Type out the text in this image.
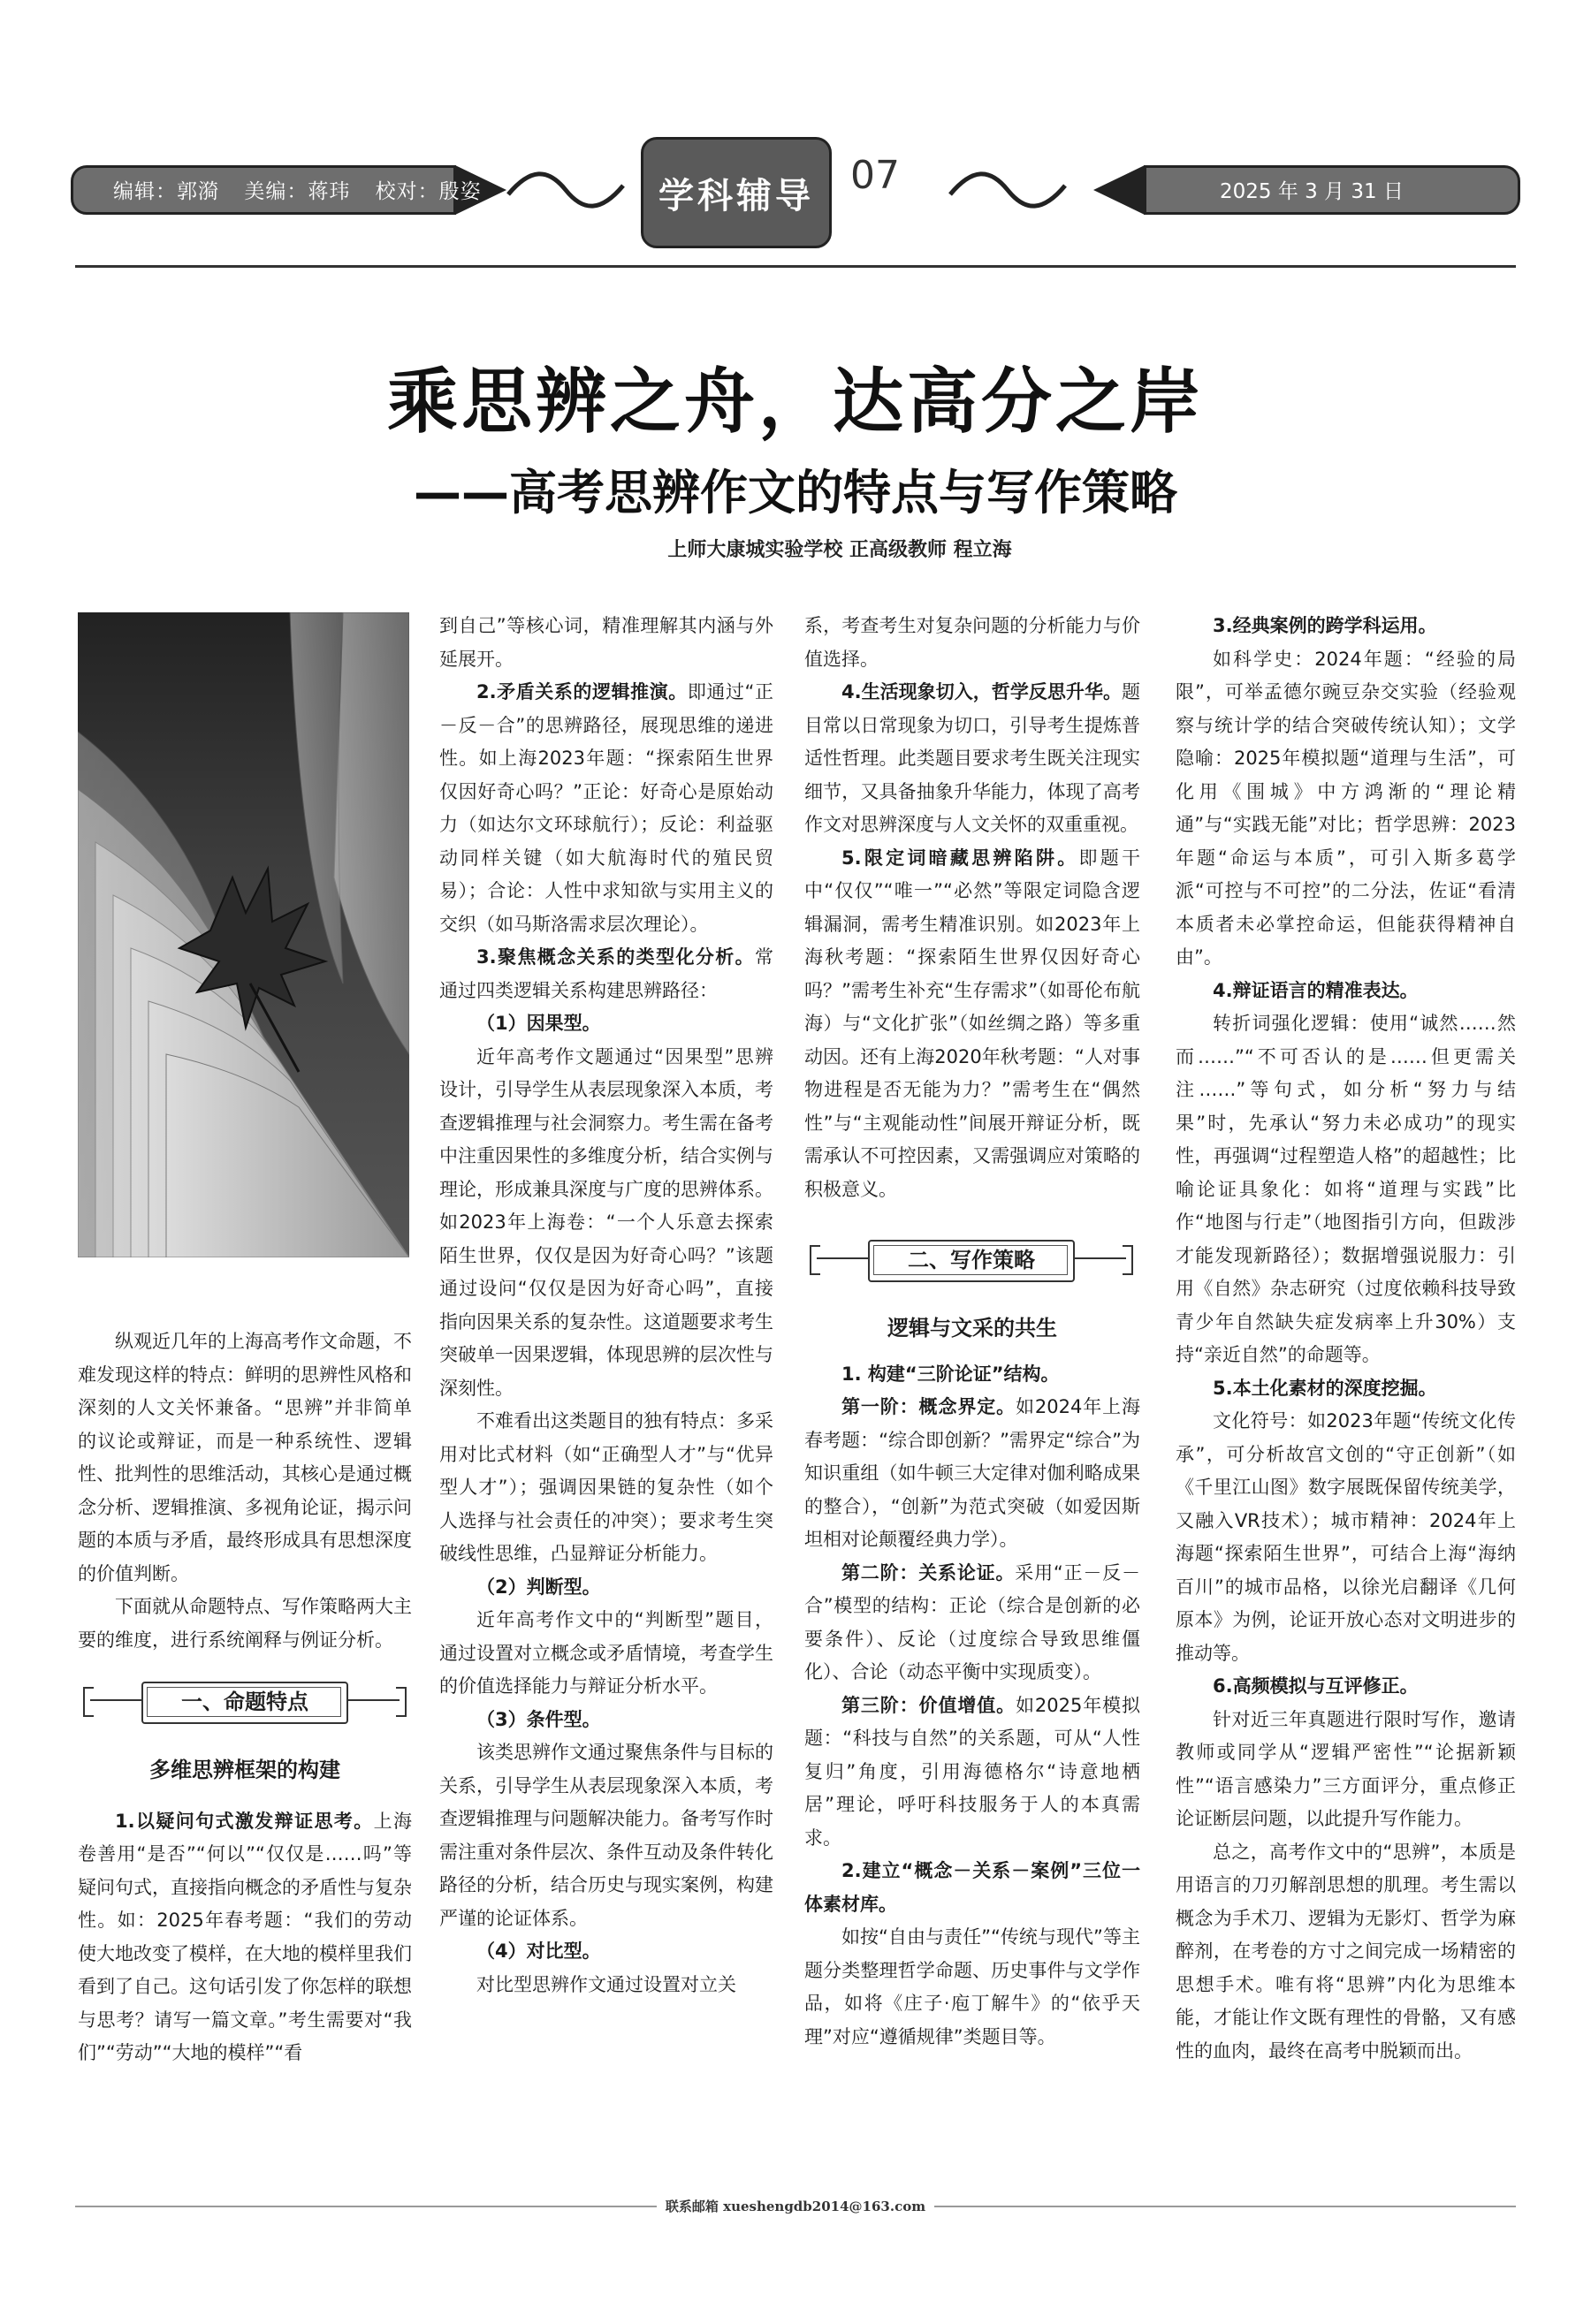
编辑：郭漪 美编：蒋玮 校对：殷姿	学科辅导 07	2025 年 3 月 31 日
乘思辨之舟，达高分之岸
——高考思辨作文的特点与写作策略
上师大康城实验学校 正高级教师 程立海

纵观近几年的上海高考作文命题，不难发现这样的特点：鲜明的思辨性风格和深刻的人文关怀兼备。“思辨”并非简单的议论或辩证，而是一种系统性、逻辑性、批判性的思维活动，其核心是通过概念分析、逻辑推演、多视角论证，揭示问题的本质与矛盾，最终形成具有思想深度的价值判断。

下面就从命题特点、写作策略两大主要的维度，进行系统阐释与例证分析。

一、命题特点

多维思辨框架的构建

1.以疑问句式激发辩证思考。上海卷善用“是否”“何以”“仅仅是……吗”等疑问句式，直接指向概念的矛盾性与复杂性。如：2025年春考题：“我们的劳动使大地改变了模样，在大地的模样里我们看到了自己。这句话引发了你怎样的联想与思考？请写一篇文章。”考生需要对“我们”“劳动”“大地的模样”“看

到自己”等核心词，精准理解其内涵与外延展开。

2.矛盾关系的逻辑推演。即通过“正－反－合”的思辨路径，展现思维的递进性。如上海2023年题：“探索陌生世界仅因好奇心吗？”正论：好奇心是原始动力（如达尔文环球航行）；反论：利益驱动同样关键（如大航海时代的殖民贸易）；合论：人性中求知欲与实用主义的交织（如马斯洛需求层次理论）。

3.聚焦概念关系的类型化分析。常通过四类逻辑关系构建思辨路径：

（1）因果型。

近年高考作文题通过“因果型”思辨设计，引导学生从表层现象深入本质，考查逻辑推理与社会洞察力。考生需在备考中注重因果性的多维度分析，结合实例与理论，形成兼具深度与广度的思辨体系。如2023年上海卷：“一个人乐意去探索陌生世界，仅仅是因为好奇心吗？”该题通过设问“仅仅是因为好奇心吗”，直接指向因果关系的复杂性。这道题要求考生突破单一因果逻辑，体现思辨的层次性与深刻性。

不难看出这类题目的独有特点：多采用对比式材料（如“正确型人才”与“优异型人才”）；强调因果链的复杂性（如个人选择与社会责任的冲突）；要求考生突破线性思维，凸显辩证分析能力。

（2）判断型。

近年高考作文中的“判断型”题目，通过设置对立概念或矛盾情境，考查学生的价值选择能力与辩证分析水平。

（3）条件型。

该类思辨作文通过聚焦条件与目标的关系，引导学生从表层现象深入本质，考查逻辑推理与问题解决能力。备考写作时需注重对条件层次、条件互动及条件转化路径的分析，结合历史与现实案例，构建严谨的论证体系。

（4）对比型。

对比型思辨作文通过设置对立关

系，考查考生对复杂问题的分析能力与价值选择。

4.生活现象切入，哲学反思升华。题目常以日常现象为切口，引导考生提炼普适性哲理。此类题目要求考生既关注现实细节，又具备抽象升华能力，体现了高考作文对思辨深度与人文关怀的双重重视。

5.限定词暗藏思辨陷阱。即题干中“仅仅”“唯一”“必然”等限定词隐含逻辑漏洞，需考生精准识别。如2023年上海秋考题：“探索陌生世界仅因好奇心吗？”需考生补充“生存需求”（如哥伦布航海）与“文化扩张”（如丝绸之路）等多重动因。还有上海2020年秋考题：“人对事物进程是否无能为力？”需考生在“偶然性”与“主观能动性”间展开辩证分析，既需承认不可控因素，又需强调应对策略的积极意义。

二、写作策略

逻辑与文采的共生

1. 构建“三阶论证”结构。

第一阶：概念界定。如2024年上海春考题：“综合即创新？”需界定“综合”为知识重组（如牛顿三大定律对伽利略成果的整合），“创新”为范式突破（如爱因斯坦相对论颠覆经典力学）。

第二阶：关系论证。采用“正－反－合”模型的结构：正论（综合是创新的必要条件）、反论（过度综合导致思维僵化）、合论（动态平衡中实现质变）。

第三阶：价值增值。如2025年模拟题：“科技与自然”的关系题，可从“人性复归”角度，引用海德格尔“诗意地栖居”理论，呼吁科技服务于人的本真需求。

2.建立“概念－关系－案例”三位一体素材库。

如按“自由与责任”“传统与现代”等主题分类整理哲学命题、历史事件与文学作品，如将《庄子·庖丁解牛》的“依乎天理”对应“遵循规律”类题目等。

3.经典案例的跨学科运用。

如科学史：2024年题：“经验的局限”，可举孟德尔豌豆杂交实验（经验观察与统计学的结合突破传统认知）；文学隐喻：2025年模拟题“道理与生活”，可化用《围城》中方鸿渐的“理论精通”与“实践无能”对比；哲学思辨：2023年题“命运与本质”，可引入斯多葛学派“可控与不可控”的二分法，佐证“看清本质者未必掌控命运，但能获得精神自由”。

4.辩证语言的精准表达。

转折词强化逻辑：使用“诚然……然而……”“不可否认的是……但更需关注……”等句式，如分析“努力与结果”时，先承认“努力未必成功”的现实性，再强调“过程塑造人格”的超越性；比喻论证具象化：如将“道理与实践”比作“地图与行走”（地图指引方向，但跋涉才能发现新路径）；数据增强说服力：引用《自然》杂志研究（过度依赖科技导致青少年自然缺失症发病率上升30%）支持“亲近自然”的命题等。

5.本土化素材的深度挖掘。

文化符号：如2023年题“传统文化传承”，可分析故宫文创的“守正创新”（如《千里江山图》数字展既保留传统美学，又融入VR技术）；城市精神：2024年上海题“探索陌生世界”，可结合上海“海纳百川”的城市品格，以徐光启翻译《几何原本》为例，论证开放心态对文明进步的推动等。

6.高频模拟与互评修正。

针对近三年真题进行限时写作，邀请教师或同学从“逻辑严密性”“论据新颖性”“语言感染力”三方面评分，重点修正论证断层问题，以此提升写作能力。

总之，高考作文中的“思辨”，本质是用语言的刀刃解剖思想的肌理。考生需以概念为手术刀、逻辑为无影灯、哲学为麻醉剂，在考卷的方寸之间完成一场精密的思想手术。唯有将“思辨”内化为思维本能，才能让作文既有理性的骨骼，又有感性的血肉，最终在高考中脱颖而出。

联系邮箱 xueshengdb2014@163.com
